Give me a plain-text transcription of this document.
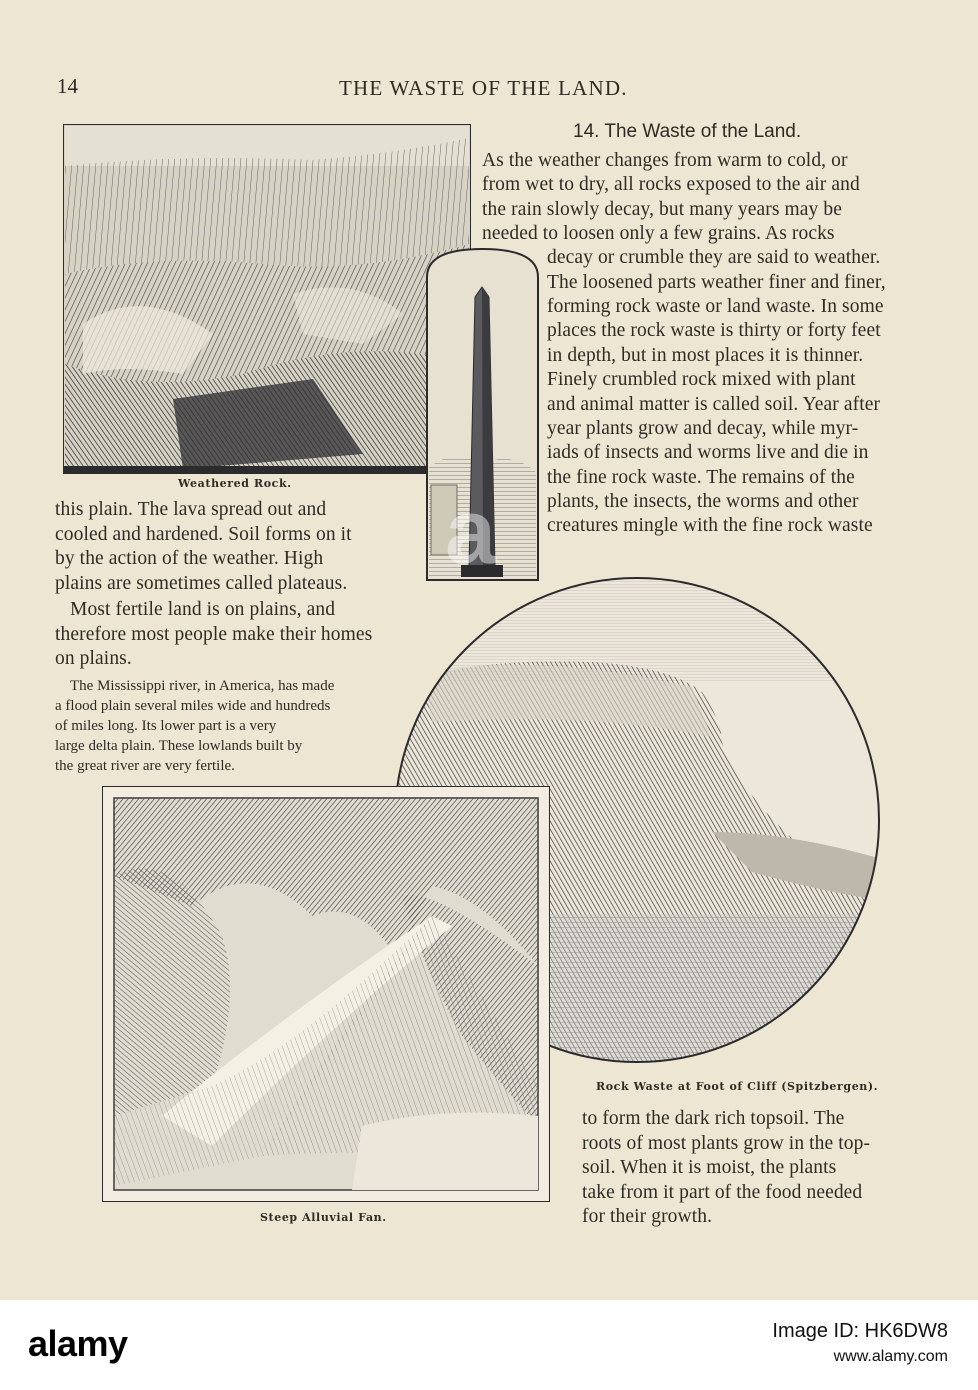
14	THE WASTE OF THE LAND.
Weathered Rock.
14. The Waste of the Land.
As the weather changes from warm to cold, or
from wet to dry, all rocks exposed to the air and
the rain slowly decay, but many years may be
needed to loosen only a few grains. As rocks
decay or crumble they are said to weather.
The loosened parts weather finer and finer,
forming rock waste or land waste. In some
places the rock waste is thirty or forty feet
in depth, but in most places it is thinner.
Finely crumbled rock mixed with plant
and animal matter is called soil. Year after
year plants grow and decay, while myr-
iads of insects and worms live and die in
the fine rock waste. The remains of the
plants, the insects, the worms and other
creatures mingle with the fine rock waste
this plain. The lava spread out and
cooled and hardened. Soil forms on it
by the action of the weather. High
plains are sometimes called plateaus.
Most fertile land is on plains, and
therefore most people make their homes
on plains.
The Mississippi river, in America, has made
a flood plain several miles wide and hundreds
of miles long. Its lower part is a very
large delta plain. These lowlands built by
the great river are very fertile.
Rock Waste at Foot of Cliff (Spitzbergen).
Steep Alluvial Fan.
to form the dark rich topsoil. The
roots of most plants grow in the top-
soil. When it is moist, the plants
take from it part of the food needed
for their growth.
a
alamy	Image ID: HK6DW8
www.alamy.com
